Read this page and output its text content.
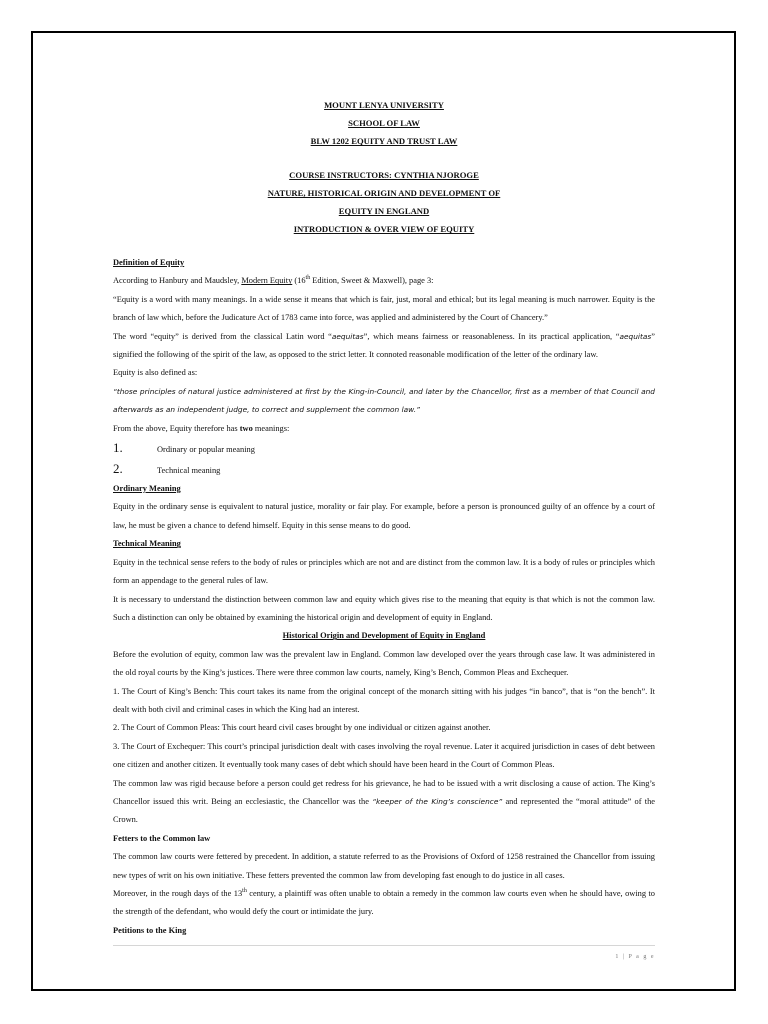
MOUNT LENYA UNIVERSITY
SCHOOL OF LAW
BLW 1202 EQUITY AND TRUST LAW
COURSE INSTRUCTORS: CYNTHIA NJOROGE
NATURE, HISTORICAL ORIGIN AND DEVELOPMENT OF
EQUITY IN ENGLAND
INTRODUCTION & OVER VIEW OF EQUITY

Definition of Equity

According to Hanbury and Maudsley, Modern Equity (16th Edition, Sweet & Maxwell), page 3:

“Equity is a word with many meanings. In a wide sense it means that which is fair, just, moral and ethical; but its legal meaning is much narrower. Equity is the branch of law which, before the Judicature Act of 1783 came into force, was applied and administered by the Court of Chancery.”

The word “equity” is derived from the classical Latin word “aequitas”, which means fairness or reasonableness. In its practical application, “aequitas” signified the following of the spirit of the law, as opposed to the strict letter. It connoted reasonable modification of the letter of the ordinary law.

Equity is also defined as:

“those principles of natural justice administered at first by the King-in-Council, and later by the Chancellor, first as a member of that Council and afterwards as an independent judge, to correct and supplement the common law.”

From the above, Equity therefore has two meanings:

1.	Ordinary or popular meaning
2.	Technical meaning

Ordinary Meaning

Equity in the ordinary sense is equivalent to natural justice, morality or fair play. For example, before a person is pronounced guilty of an offence by a court of law, he must be given a chance to defend himself. Equity in this sense means to do good.

Technical Meaning

Equity in the technical sense refers to the body of rules or principles which are not and are distinct from the common law. It is a body of rules or principles which form an appendage to the general rules of law.

It is necessary to understand the distinction between common law and equity which gives rise to the meaning that equity is that which is not the common law. Such a distinction can only be obtained by examining the historical origin and development of equity in England.

Historical Origin and Development of Equity in England

Before the evolution of equity, common law was the prevalent law in England. Common law developed over the years through case law. It was administered in the old royal courts by the King’s justices. There were three common law courts, namely, King’s Bench, Common Pleas and Exchequer.

1. The Court of King’s Bench: This court takes its name from the original concept of the monarch sitting with his judges “in banco”, that is “on the bench”. It dealt with both civil and criminal cases in which the King had an interest.

2. The Court of Common Pleas: This court heard civil cases brought by one individual or citizen against another.

3. The Court of Exchequer: This court’s principal jurisdiction dealt with cases involving the royal revenue. Later it acquired jurisdiction in cases of debt between one citizen and another citizen. It eventually took many cases of debt which should have been heard in the Court of Common Pleas.

The common law was rigid because before a person could get redress for his grievance, he had to be issued with a writ disclosing a cause of action. The King’s Chancellor issued this writ. Being an ecclesiastic, the Chancellor was the “keeper of the King’s conscience” and represented the “moral attitude” of the Crown.

Fetters to the Common law

The common law courts were fettered by precedent. In addition, a statute referred to as the Provisions of Oxford of 1258 restrained the Chancellor from issuing new types of writ on his own initiative. These fetters prevented the common law from developing fast enough to do justice in all cases.

Moreover, in the rough days of the 13th century, a plaintiff was often unable to obtain a remedy in the common law courts even when he should have, owing to the strength of the defendant, who would defy the court or intimidate the jury.

Petitions to the King

1 | P a g e
